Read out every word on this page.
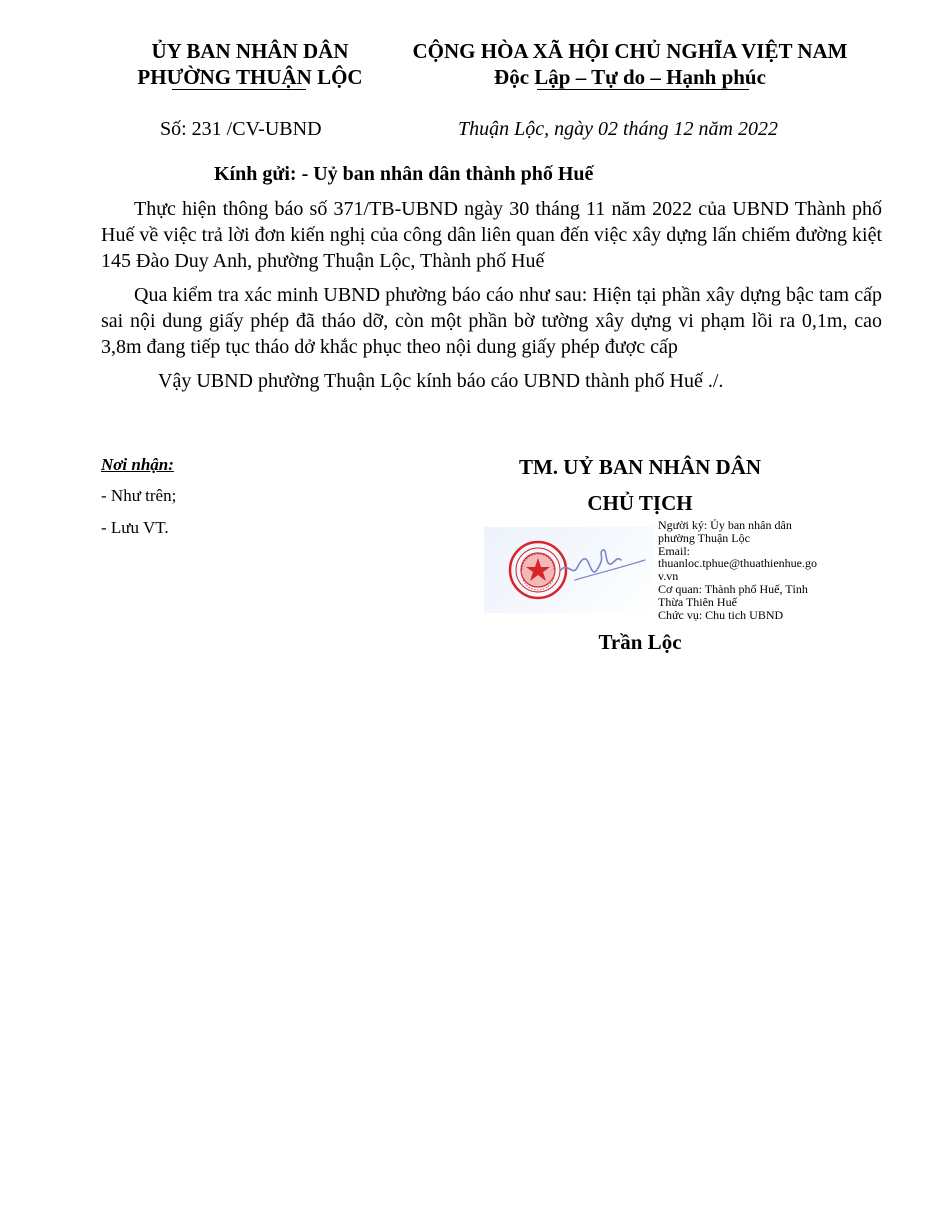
ỦY BAN NHÂN DÂN
PHƯỜNG THUẬN LỘC
CỘNG HÒA XÃ HỘI CHỦ NGHĨA VIỆT NAM
Độc Lập – Tự do – Hạnh phúc
Số: 231 /CV-UBND	Thuận Lộc, ngày 02 tháng 12 năm 2022
Kính gửi: - Uỷ ban nhân dân thành phố Huế
Thực hiện thông báo số 371/TB-UBND ngày 30 tháng 11 năm 2022 của UBND Thành phố Huế về việc trả lời đơn kiến nghị của công dân liên quan đến việc xây dựng lấn chiếm đường kiệt 145 Đào Duy Anh, phường Thuận Lộc, Thành phố Huế
Qua kiểm tra xác minh UBND phường báo cáo như sau: Hiện tại phần xây dựng bậc tam cấp sai nội dung giấy phép đã tháo dỡ, còn một phần bờ tường xây dựng vi phạm lồi ra 0,1m, cao 3,8m đang tiếp tục tháo dở khắc phục theo nội dung giấy phép được cấp
Vậy UBND phường Thuận Lộc kính báo cáo UBND thành phố Huế ./.
Nơi nhận:
- Như trên;
- Lưu VT.
TM. UỶ BAN NHÂN DÂN
CHỦ TỊCH
Người ký: Ủy ban nhân dân
phường Thuận Lộc
Email:
thuanloc.tphue@thuathienhue.go
v.vn
Cơ quan: Thành phố Huế, Tỉnh
Thừa Thiên Huế
Chức vụ: Chu tich UBND
Trần Lộc
